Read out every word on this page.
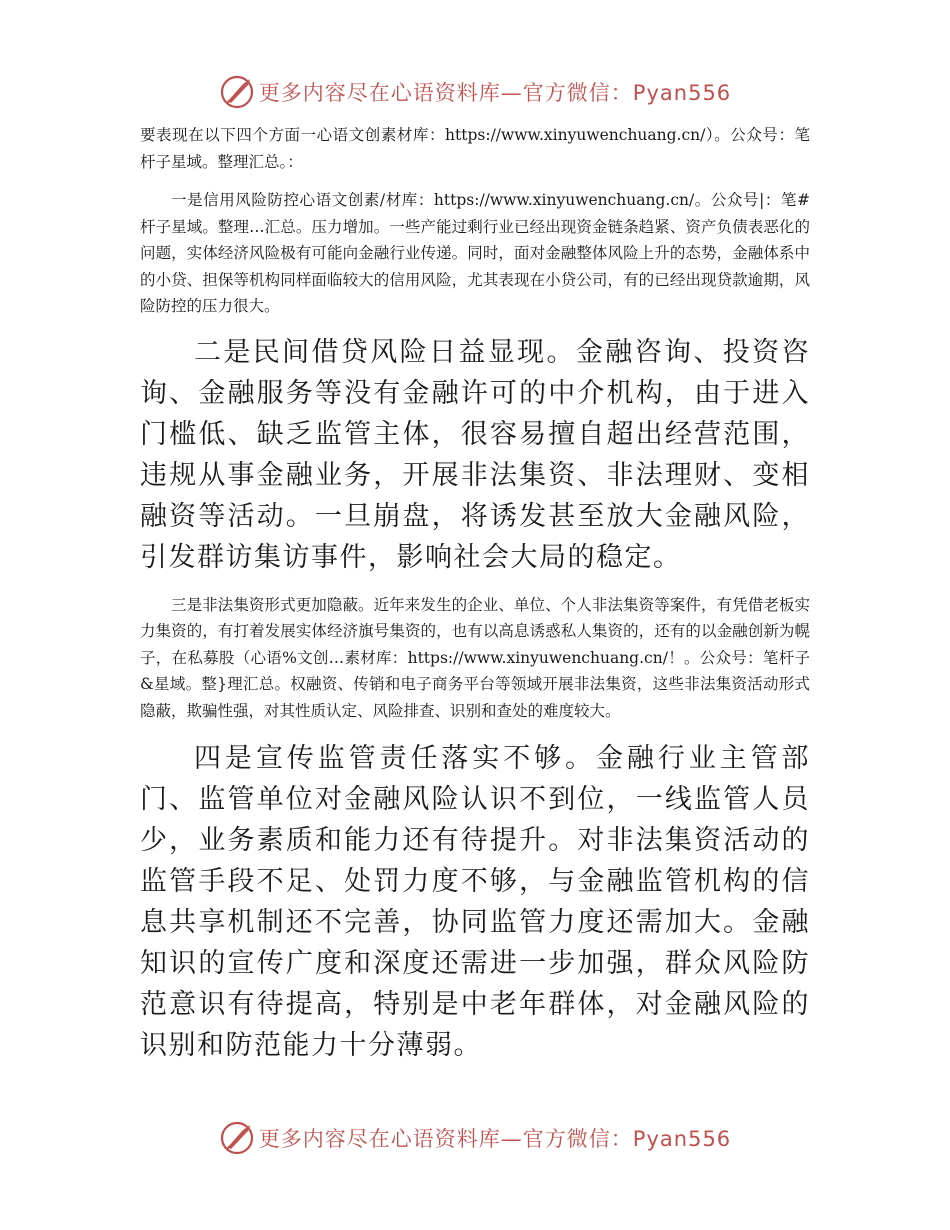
更多内容尽在心语资料库—官方微信：Pyan556

要表现在以下四个方面一心语文创素材库：https://www.xinyuwenchuang.cn/）。公众号：笔杆子星域。整理汇总。：

一是信用风险防控心语文创素/材库：https://www.xinyuwenchuang.cn/。公众号|：笔#杆子星域。整理…汇总。压力增加。一些产能过剩行业已经出现资金链条趋紧、资产负债表恶化的问题，实体经济风险极有可能向金融行业传递。同时，面对金融整体风险上升的态势，金融体系中的小贷、担保等机构同样面临较大的信用风险，尤其表现在小贷公司，有的已经出现贷款逾期，风险防控的压力很大。

二是民间借贷风险日益显现。金融咨询、投资咨询、金融服务等没有金融许可的中介机构，由于进入门槛低、缺乏监管主体，很容易擅自超出经营范围，违规从事金融业务，开展非法集资、非法理财、变相融资等活动。一旦崩盘，将诱发甚至放大金融风险，引发群访集访事件，影响社会大局的稳定。

三是非法集资形式更加隐蔽。近年来发生的企业、单位、个人非法集资等案件，有凭借老板实力集资的，有打着发展实体经济旗号集资的，也有以高息诱惑私人集资的，还有的以金融创新为幌子，在私募股（心语%文创…素材库：https://www.xinyuwenchuang.cn/！。公众号：笔杆子&星域。整}理汇总。权融资、传销和电子商务平台等领域开展非法集资，这些非法集资活动形式隐蔽，欺骗性强，对其性质认定、风险排查、识别和查处的难度较大。

四是宣传监管责任落实不够。金融行业主管部门、监管单位对金融风险认识不到位，一线监管人员少，业务素质和能力还有待提升。对非法集资活动的监管手段不足、处罚力度不够，与金融监管机构的信息共享机制还不完善，协同监管力度还需加大。金融知识的宣传广度和深度还需进一步加强，群众风险防范意识有待提高，特别是中老年群体，对金融风险的识别和防范能力十分薄弱。

更多内容尽在心语资料库—官方微信：Pyan556
